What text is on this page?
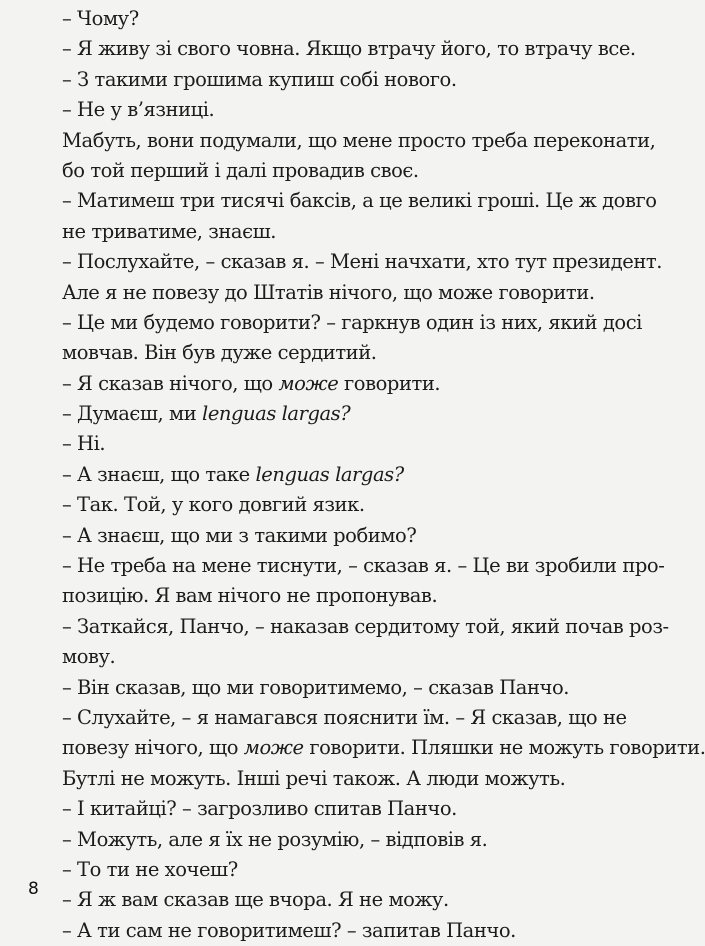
– Чому?
– Я живу зі свого човна. Якщо втрачу його, то втрачу все.
– З такими грошима купиш собі нового.
– Не у в’язниці.
Мабуть, вони подумали, що мене просто треба переконати,
бо той перший і далі провадив своє.
– Матимеш три тисячі баксів, а це великі гроші. Це ж довго
не триватиме, знаєш.
– Послухайте, – сказав я. – Мені начхати, хто тут президент.
Але я не повезу до Штатів нічого, що може говорити.
– Це ми будемо говорити? – гаркнув один із них, який досі
мовчав. Він був дуже сердитий.
– Я сказав нічого, що може говорити.
– Думаєш, ми lenguas largas?
– Ні.
– А знаєш, що таке lenguas largas?
– Так. Той, у кого довгий язик.
– А знаєш, що ми з такими робимо?
– Не треба на мене тиснути, – сказав я. – Це ви зробили про-
позицію. Я вам нічого не пропонував.
– Заткайся, Панчо, – наказав сердитому той, який почав роз-
мову.
– Він сказав, що ми говоритимемо, – сказав Панчо.
– Слухайте, – я намагався пояснити їм. – Я сказав, що не
повезу нічого, що може говорити. Пляшки не можуть говорити.
Бутлі не можуть. Інші речі також. А люди можуть.
– І китайці? – загрозливо спитав Панчо.
– Можуть, але я їх не розумію, – відповів я.
– То ти не хочеш?
– Я ж вам сказав ще вчора. Я не можу.
– А ти сам не говоритимеш? – запитав Панчо.
8
